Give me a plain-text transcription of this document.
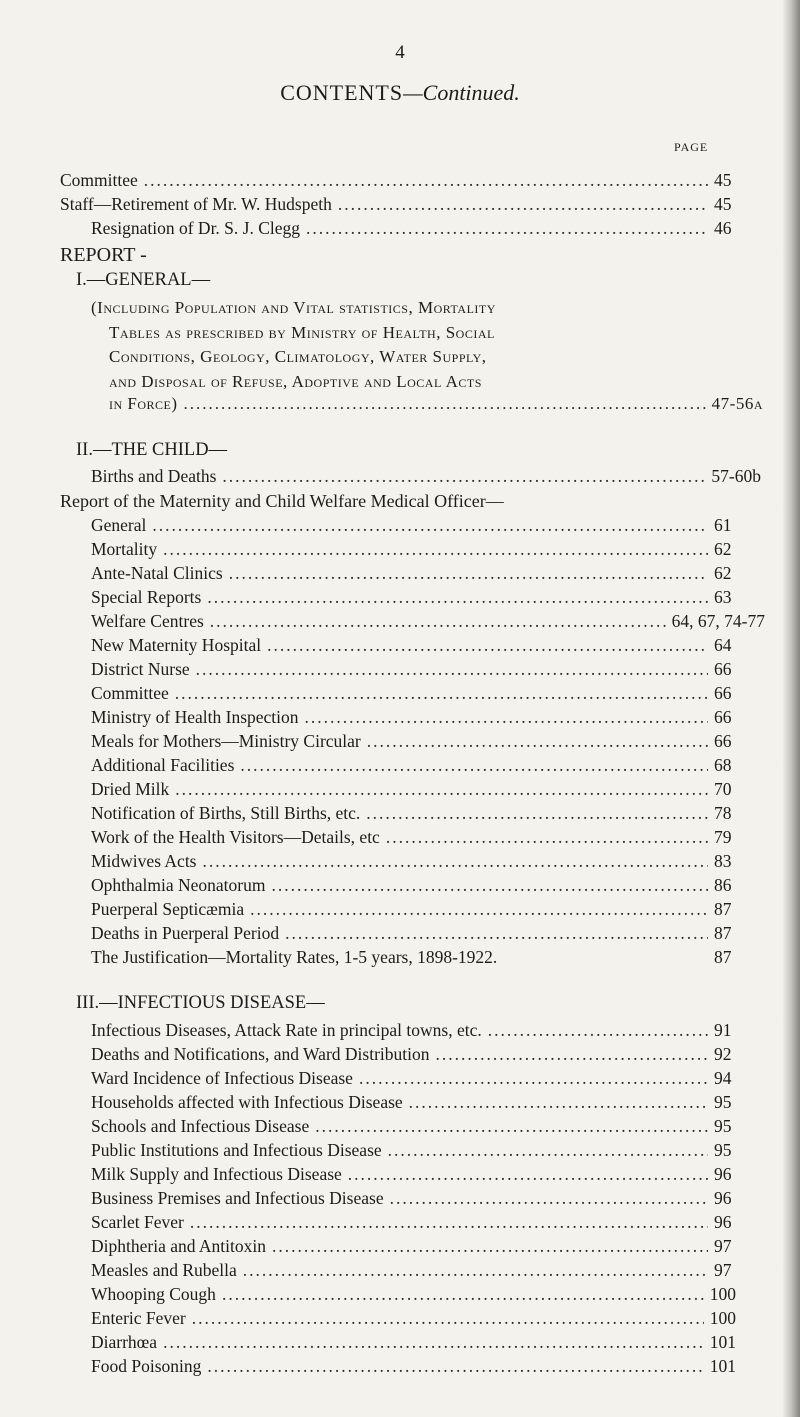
4
CONTENTS—Continued.
PAGE
Committee .....	45
Staff—Retirement of Mr. W. Hudspeth .....	45
Resignation of Dr. S. J. Clegg .....	46
REPORT -
I.—GENERAL—
(Including Population and Vital statistics, Mortality
Tables as prescribed by Ministry of Health, Social
Conditions, Geology, Climatology, Water Supply,
and Disposal of Refuse, Adoptive and Local Acts
in Force) .....	47-56a
II.—THE CHILD—
Births and Deaths .....	57-60b
Report of the Maternity and Child Welfare Medical Officer—
General .....	61
Mortality .....	62
Ante-Natal Clinics .....	62
Special Reports .....	63
Welfare Centres .....	64, 67, 74-77
New Maternity Hospital .....	64
District Nurse .....	66
Committee .....	66
Ministry of Health Inspection .....	66
Meals for Mothers—Ministry Circular .....	66
Additional Facilities .....	68
Dried Milk .....	70
Notification of Births, Still Births, etc. .....	78
Work of the Health Visitors—Details, etc .....	79
Midwives Acts .....	83
Ophthalmia Neonatorum .....	86
Puerperal Septicæmia .....	87
Deaths in Puerperal Period .....	87
The Justification—Mortality Rates, 1-5 years, 1898-1922.	87
III.—INFECTIOUS DISEASE—
Infectious Diseases, Attack Rate in principal towns, etc. .....	91
Deaths and Notifications, and Ward Distribution .....	92
Ward Incidence of Infectious Disease .....	94
Households affected with Infectious Disease .....	95
Schools and Infectious Disease .....	95
Public Institutions and Infectious Disease .....	95
Milk Supply and Infectious Disease .....	96
Business Premises and Infectious Disease .....	96
Scarlet Fever .....	96
Diphtheria and Antitoxin .....	97
Measles and Rubella .....	97
Whooping Cough .....	100
Enteric Fever .....	100
Diarrhœa .....	101
Food Poisoning .....	101
